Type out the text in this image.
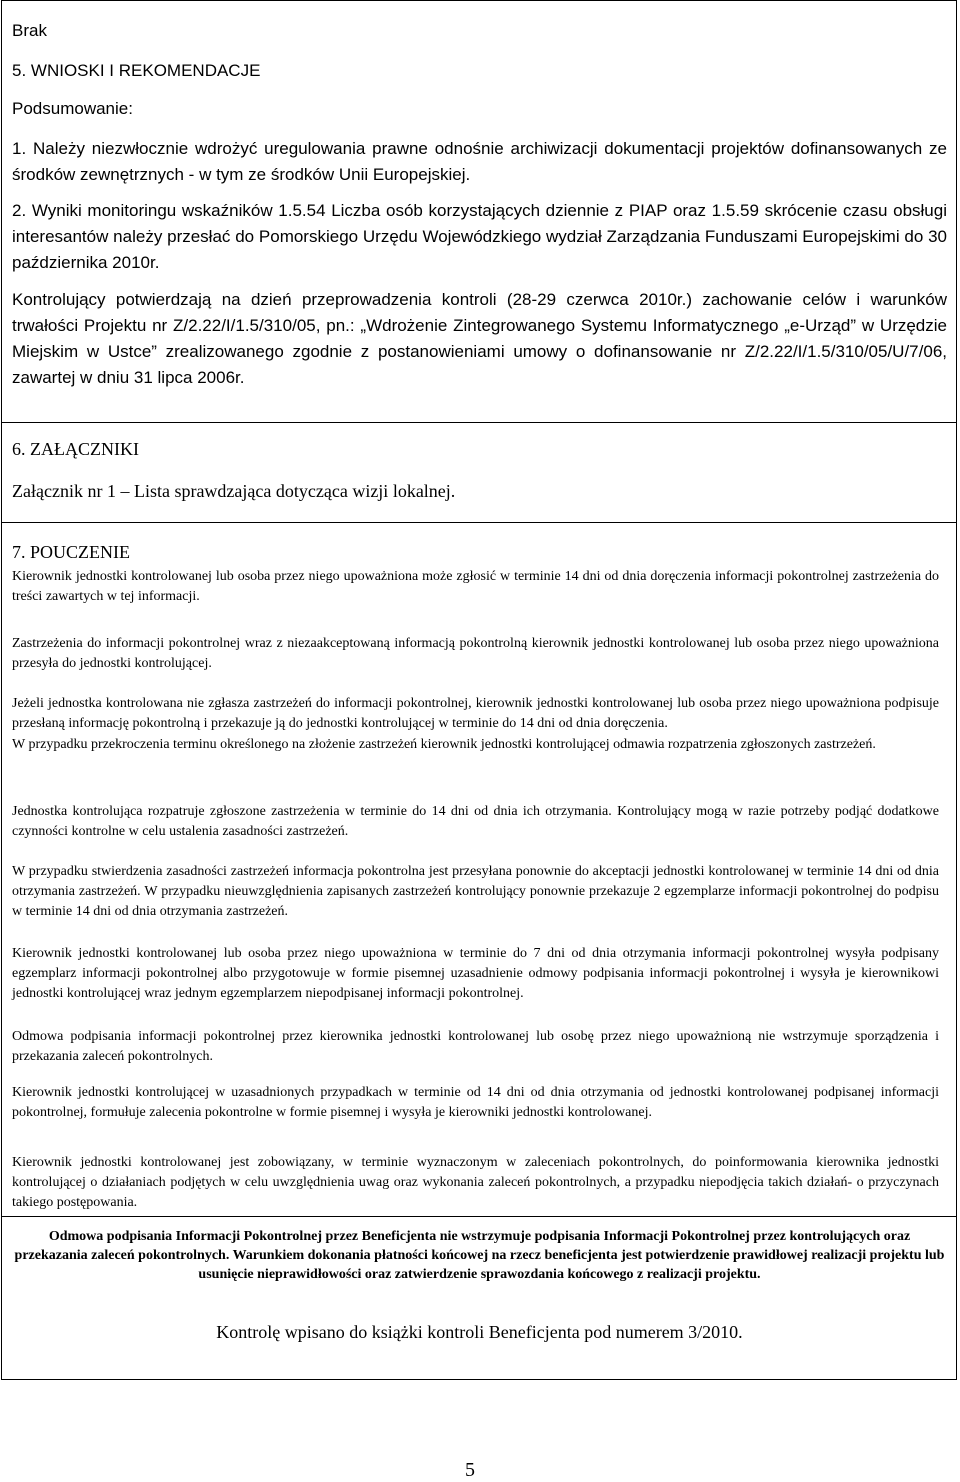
Brak
5. WNIOSKI I REKOMENDACJE
Podsumowanie:
1. Należy niezwłocznie wdrożyć uregulowania prawne odnośnie archiwizacji dokumentacji projektów dofinansowanych ze środków zewnętrznych - w tym ze środków Unii Europejskiej.
2. Wyniki monitoringu wskaźników 1.5.54 Liczba osób korzystających dziennie z PIAP oraz 1.5.59 skrócenie czasu obsługi interesantów należy przesłać do Pomorskiego Urzędu Wojewódzkiego wydział Zarządzania Funduszami Europejskimi do 30 października 2010r.
Kontrolujący potwierdzają na dzień przeprowadzenia kontroli (28-29 czerwca 2010r.) zachowanie celów i warunków trwałości Projektu nr Z/2.22/I/1.5/310/05, pn.: „Wdrożenie Zintegrowanego Systemu Informatycznego „e-Urząd” w Urzędzie Miejskim w Ustce” zrealizowanego zgodnie z postanowieniami umowy o dofinansowanie nr Z/2.22/I/1.5/310/05/U/7/06, zawartej w dniu 31 lipca 2006r.
6. ZAŁĄCZNIKI
Załącznik nr 1 – Lista sprawdzająca dotycząca wizji lokalnej.
7. POUCZENIE
Kierownik jednostki kontrolowanej lub osoba przez niego upoważniona może zgłosić w terminie 14 dni od dnia doręczenia informacji pokontrolnej zastrzeżenia do treści zawartych w tej informacji.
Zastrzeżenia do informacji pokontrolnej wraz z niezaakceptowaną informacją pokontrolną kierownik jednostki kontrolowanej lub osoba przez niego upoważniona przesyła do jednostki kontrolującej.
Jeżeli jednostka kontrolowana nie zgłasza zastrzeżeń do informacji pokontrolnej, kierownik jednostki kontrolowanej lub osoba przez niego upoważniona podpisuje przesłaną informację pokontrolną i przekazuje ją do jednostki kontrolującej w terminie do 14 dni od dnia doręczenia.
W przypadku przekroczenia terminu określonego na złożenie zastrzeżeń kierownik jednostki kontrolującej odmawia rozpatrzenia zgłoszonych zastrzeżeń.
Jednostka kontrolująca rozpatruje zgłoszone zastrzeżenia w terminie do 14 dni od dnia ich otrzymania. Kontrolujący mogą w razie potrzeby podjąć dodatkowe czynności kontrolne w celu ustalenia zasadności zastrzeżeń.
W przypadku stwierdzenia zasadności zastrzeżeń informacja pokontrolna jest przesyłana ponownie do akceptacji jednostki kontrolowanej w terminie 14 dni od dnia otrzymania zastrzeżeń. W przypadku nieuwzględnienia zapisanych zastrzeżeń kontrolujący ponownie przekazuje 2 egzemplarze informacji pokontrolnej do podpisu w terminie 14 dni od dnia otrzymania zastrzeżeń.
Kierownik jednostki kontrolowanej lub osoba przez niego upoważniona w terminie do 7 dni od dnia otrzymania informacji pokontrolnej wysyła podpisany egzemplarz informacji pokontrolnej albo przygotowuje w formie pisemnej uzasadnienie odmowy podpisania informacji pokontrolnej i wysyła je kierownikowi jednostki kontrolującej wraz jednym egzemplarzem niepodpisanej informacji pokontrolnej.
Odmowa podpisania informacji pokontrolnej przez kierownika jednostki kontrolowanej lub osobę przez niego upoważnioną nie wstrzymuje sporządzenia i przekazania zaleceń pokontrolnych.
Kierownik jednostki kontrolującej w uzasadnionych przypadkach w terminie od 14 dni od dnia otrzymania od jednostki kontrolowanej podpisanej informacji pokontrolnej, formułuje zalecenia pokontrolne w formie pisemnej i wysyła je kierowniki jednostki kontrolowanej.
Kierownik jednostki kontrolowanej jest zobowiązany, w terminie wyznaczonym w zaleceniach pokontrolnych, do poinformowania kierownika jednostki kontrolującej o działaniach podjętych w celu uwzględnienia uwag oraz wykonania zaleceń pokontrolnych, a przypadku niepodjęcia takich działań- o przyczynach takiego postępowania.
Odmowa podpisania Informacji Pokontrolnej przez Beneficjenta nie wstrzymuje podpisania Informacji Pokontrolnej przez kontrolujących oraz przekazania zaleceń pokontrolnych. Warunkiem dokonania płatności końcowej na rzecz beneficjenta jest potwierdzenie prawidłowej realizacji projektu lub usunięcie nieprawidłowości oraz zatwierdzenie sprawozdania końcowego z realizacji projektu.
Kontrolę wpisano do książki kontroli Beneficjenta pod numerem 3/2010.
5
